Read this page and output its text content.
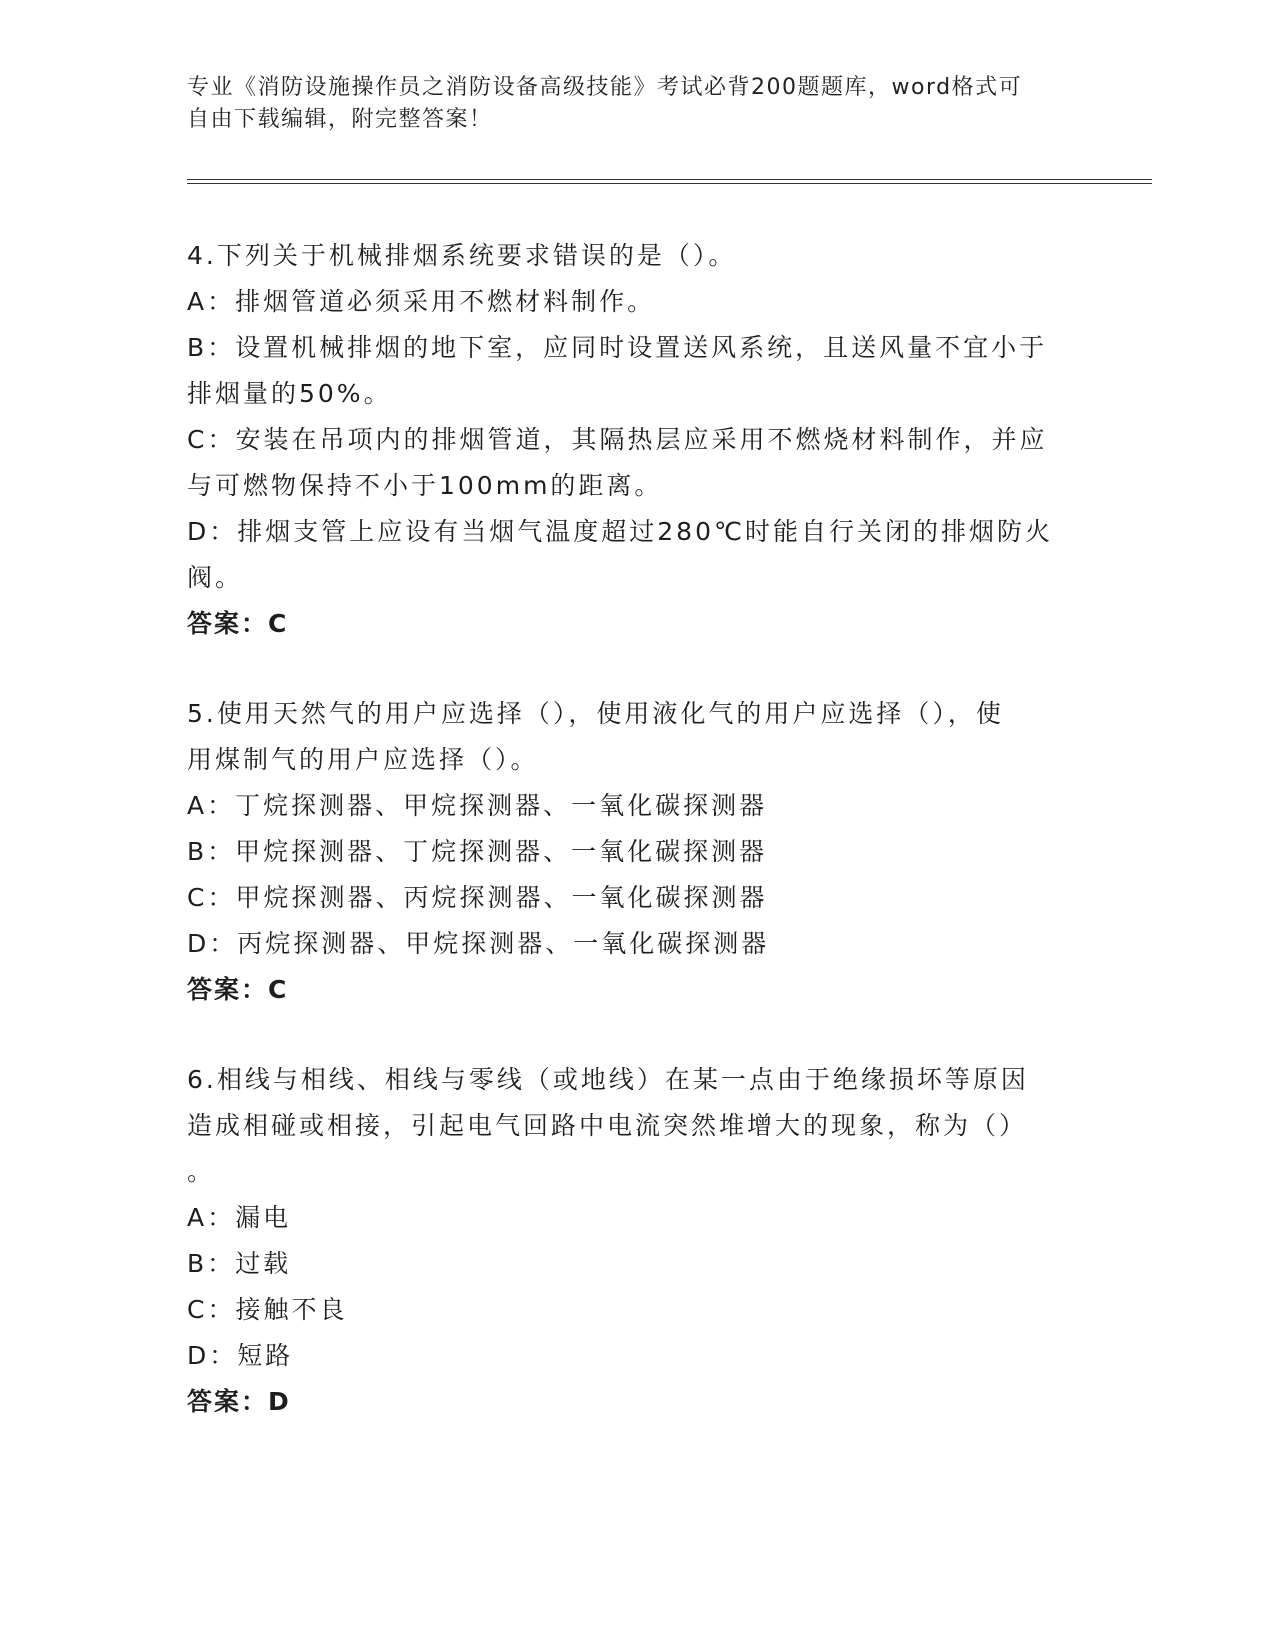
专业《消防设施操作员之消防设备高级技能》考试必背200题题库，word格式可
自由下载编辑，附完整答案！
4.下列关于机械排烟系统要求错误的是（）。
A：排烟管道必须采用不燃材料制作。
B：设置机械排烟的地下室，应同时设置送风系统，且送风量不宜小于
排烟量的50%。
C：安装在吊项内的排烟管道，其隔热层应采用不燃烧材料制作，并应
与可燃物保持不小于100mm的距离。
D：排烟支管上应设有当烟气温度超过280℃时能自行关闭的排烟防火
阀。
答案：C
5.使用天然气的用户应选择（），使用液化气的用户应选择（），使
用煤制气的用户应选择（）。
A：丁烷探测器、甲烷探测器、一氧化碳探测器
B：甲烷探测器、丁烷探测器、一氧化碳探测器
C：甲烷探测器、丙烷探测器、一氧化碳探测器
D：丙烷探测器、甲烷探测器、一氧化碳探测器
答案：C
6.相线与相线、相线与零线（或地线）在某一点由于绝缘损坏等原因
造成相碰或相接，引起电气回路中电流突然堆增大的现象，称为（）
。
A：漏电
B：过载
C：接触不良
D：短路
答案：D
